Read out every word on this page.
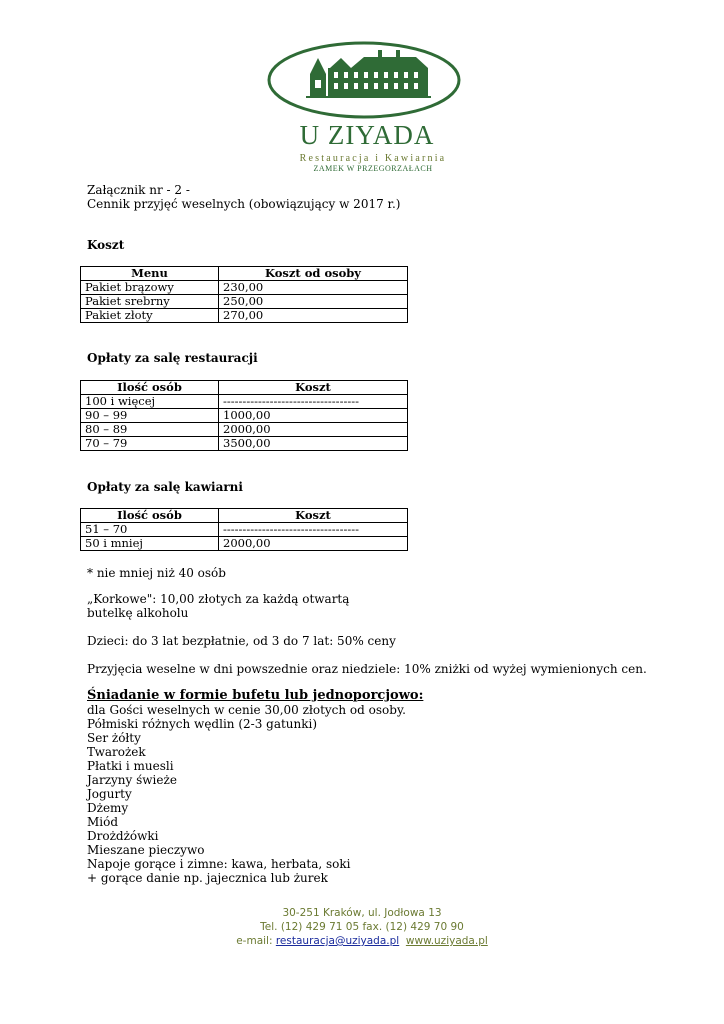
U ZIYADA
Restauracja i Kawiarnia
ZAMEK W PRZEGORZAŁACH
Załącznik nr - 2 -
Cennik przyjęć weselnych (obowiązujący w 2017 r.)
Koszt
Menu	Koszt od osoby
Pakiet brązowy	230,00
Pakiet srebrny	250,00
Pakiet złoty	270,00
Opłaty za salę restauracji
Ilość osób	Koszt
100 i więcej	-----------------------------------
90 – 99	1000,00
80 – 89	2000,00
70 – 79	3500,00
Opłaty za salę kawiarni
Ilość osób	Koszt
51 – 70	-----------------------------------
50 i mniej	2000,00
* nie mniej niż 40 osób
„Korkowe": 10,00 złotych za każdą otwartą
butelkę alkoholu
Dzieci: do 3 lat bezpłatnie, od 3 do 7 lat: 50% ceny
Przyjęcia weselne w dni powszednie oraz niedziele: 10% zniżki od wyżej wymienionych cen.
Śniadanie w formie bufetu lub jednoporcjowo:
dla Gości weselnych w cenie 30,00 złotych od osoby.
Półmiski różnych wędlin (2-3 gatunki)
Ser żółty
Twarożek
Płatki i muesli
Jarzyny świeże
Jogurty
Dżemy
Miód
Drożdżówki
Mieszane pieczywo
Napoje gorące i zimne: kawa, herbata, soki
+ gorące danie np. jajecznica lub żurek
30-251 Kraków, ul. Jodłowa 13
Tel. (12) 429 71 05 fax. (12) 429 70 90
e-mail: restauracja@uziyada.pl www.uziyada.pl
